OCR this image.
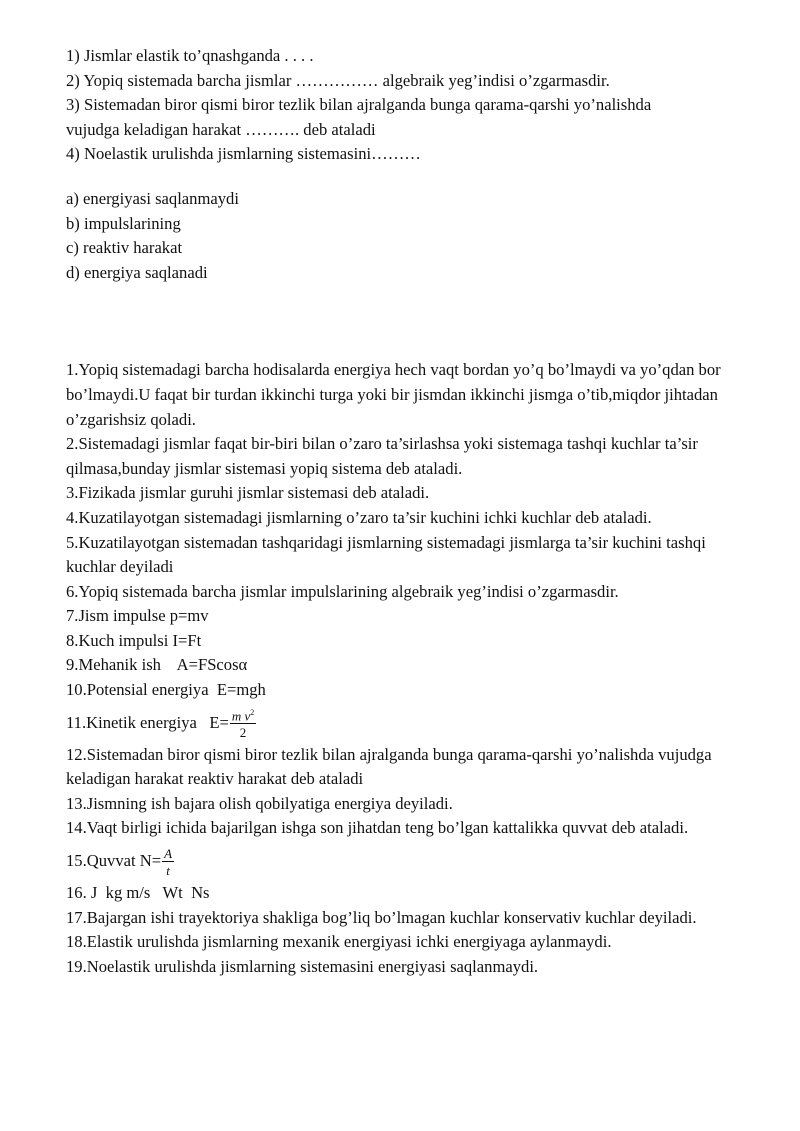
1) Jismlar elastik to’qnashganda . . . .
2) Yopiq sistemada barcha jismlar …………… algebraik yeg’indisi o’zgarmasdir.
3) Sistemadan biror qismi biror tezlik bilan ajralganda bunga qarama-qarshi yo’nalishda
vujudga keladigan harakat ………. deb ataladi
4) Noelastik urulishda jismlarning sistemasini………
a) energiyasi saqlanmaydi
b) impulslarining
c) reaktiv harakat
d) energiya saqlanadi
1.Yopiq sistemadagi barcha hodisalarda energiya hech vaqt bordan yo’q bo’lmaydi va yo’qdan bor bo’lmaydi.U faqat bir turdan ikkinchi turga yoki bir jismdan ikkinchi jismga o’tib,miqdor jihtadan o’zgarishsiz qoladi.
2.Sistemadagi jismlar faqat bir-biri bilan o’zaro ta’sirlashsa yoki sistemaga tashqi kuchlar ta’sir qilmasa,bunday jismlar sistemasi yopiq sistema deb ataladi.
3.Fizikada jismlar guruhi jismlar sistemasi deb ataladi.
4.Kuzatilayotgan sistemadagi jismlarning o’zaro ta’sir kuchini ichki kuchlar deb ataladi.
5.Kuzatilayotgan sistemadan tashqaridagi jismlarning sistemadagi jismlarga ta’sir kuchini tashqi kuchlar deyiladi
6.Yopiq sistemada barcha jismlar impulslarining algebraik yeg’indisi o’zgarmasdir.
7.Jism impulse p=mv
8.Kuch impulsi I=Ft
9.Mehanik ish    A=FScosα
10.Potensial energiya  E=mgh
11.Kinetik energiya   $E= \frac{m v^2}{2}$
12.Sistemadan biror qismi biror tezlik bilan ajralganda bunga qarama-qarshi yo’nalishda vujudga keladigan harakat reaktiv harakat deb ataladi
13.Jismning ish bajara olish qobilyatiga energiya deyiladi.
14.Vaqt birligi ichida bajarilgan ishga son jihatdan teng bo’lgan kattalikka quvvat deb ataladi.
15.Quvvat $N= \frac{A}{t}$
16. J  kg m/s   Wt  Ns
17.Bajargan ishi trayektoriya shakliga bog’liq bo’lmagan kuchlar konservativ kuchlar deyiladi.
18.Elastik urulishda jismlarning mexanik energiyasi ichki energiyaga aylanmaydi.
19.Noelastik urulishda jismlarning sistemasini energiyasi saqlanmaydi.
